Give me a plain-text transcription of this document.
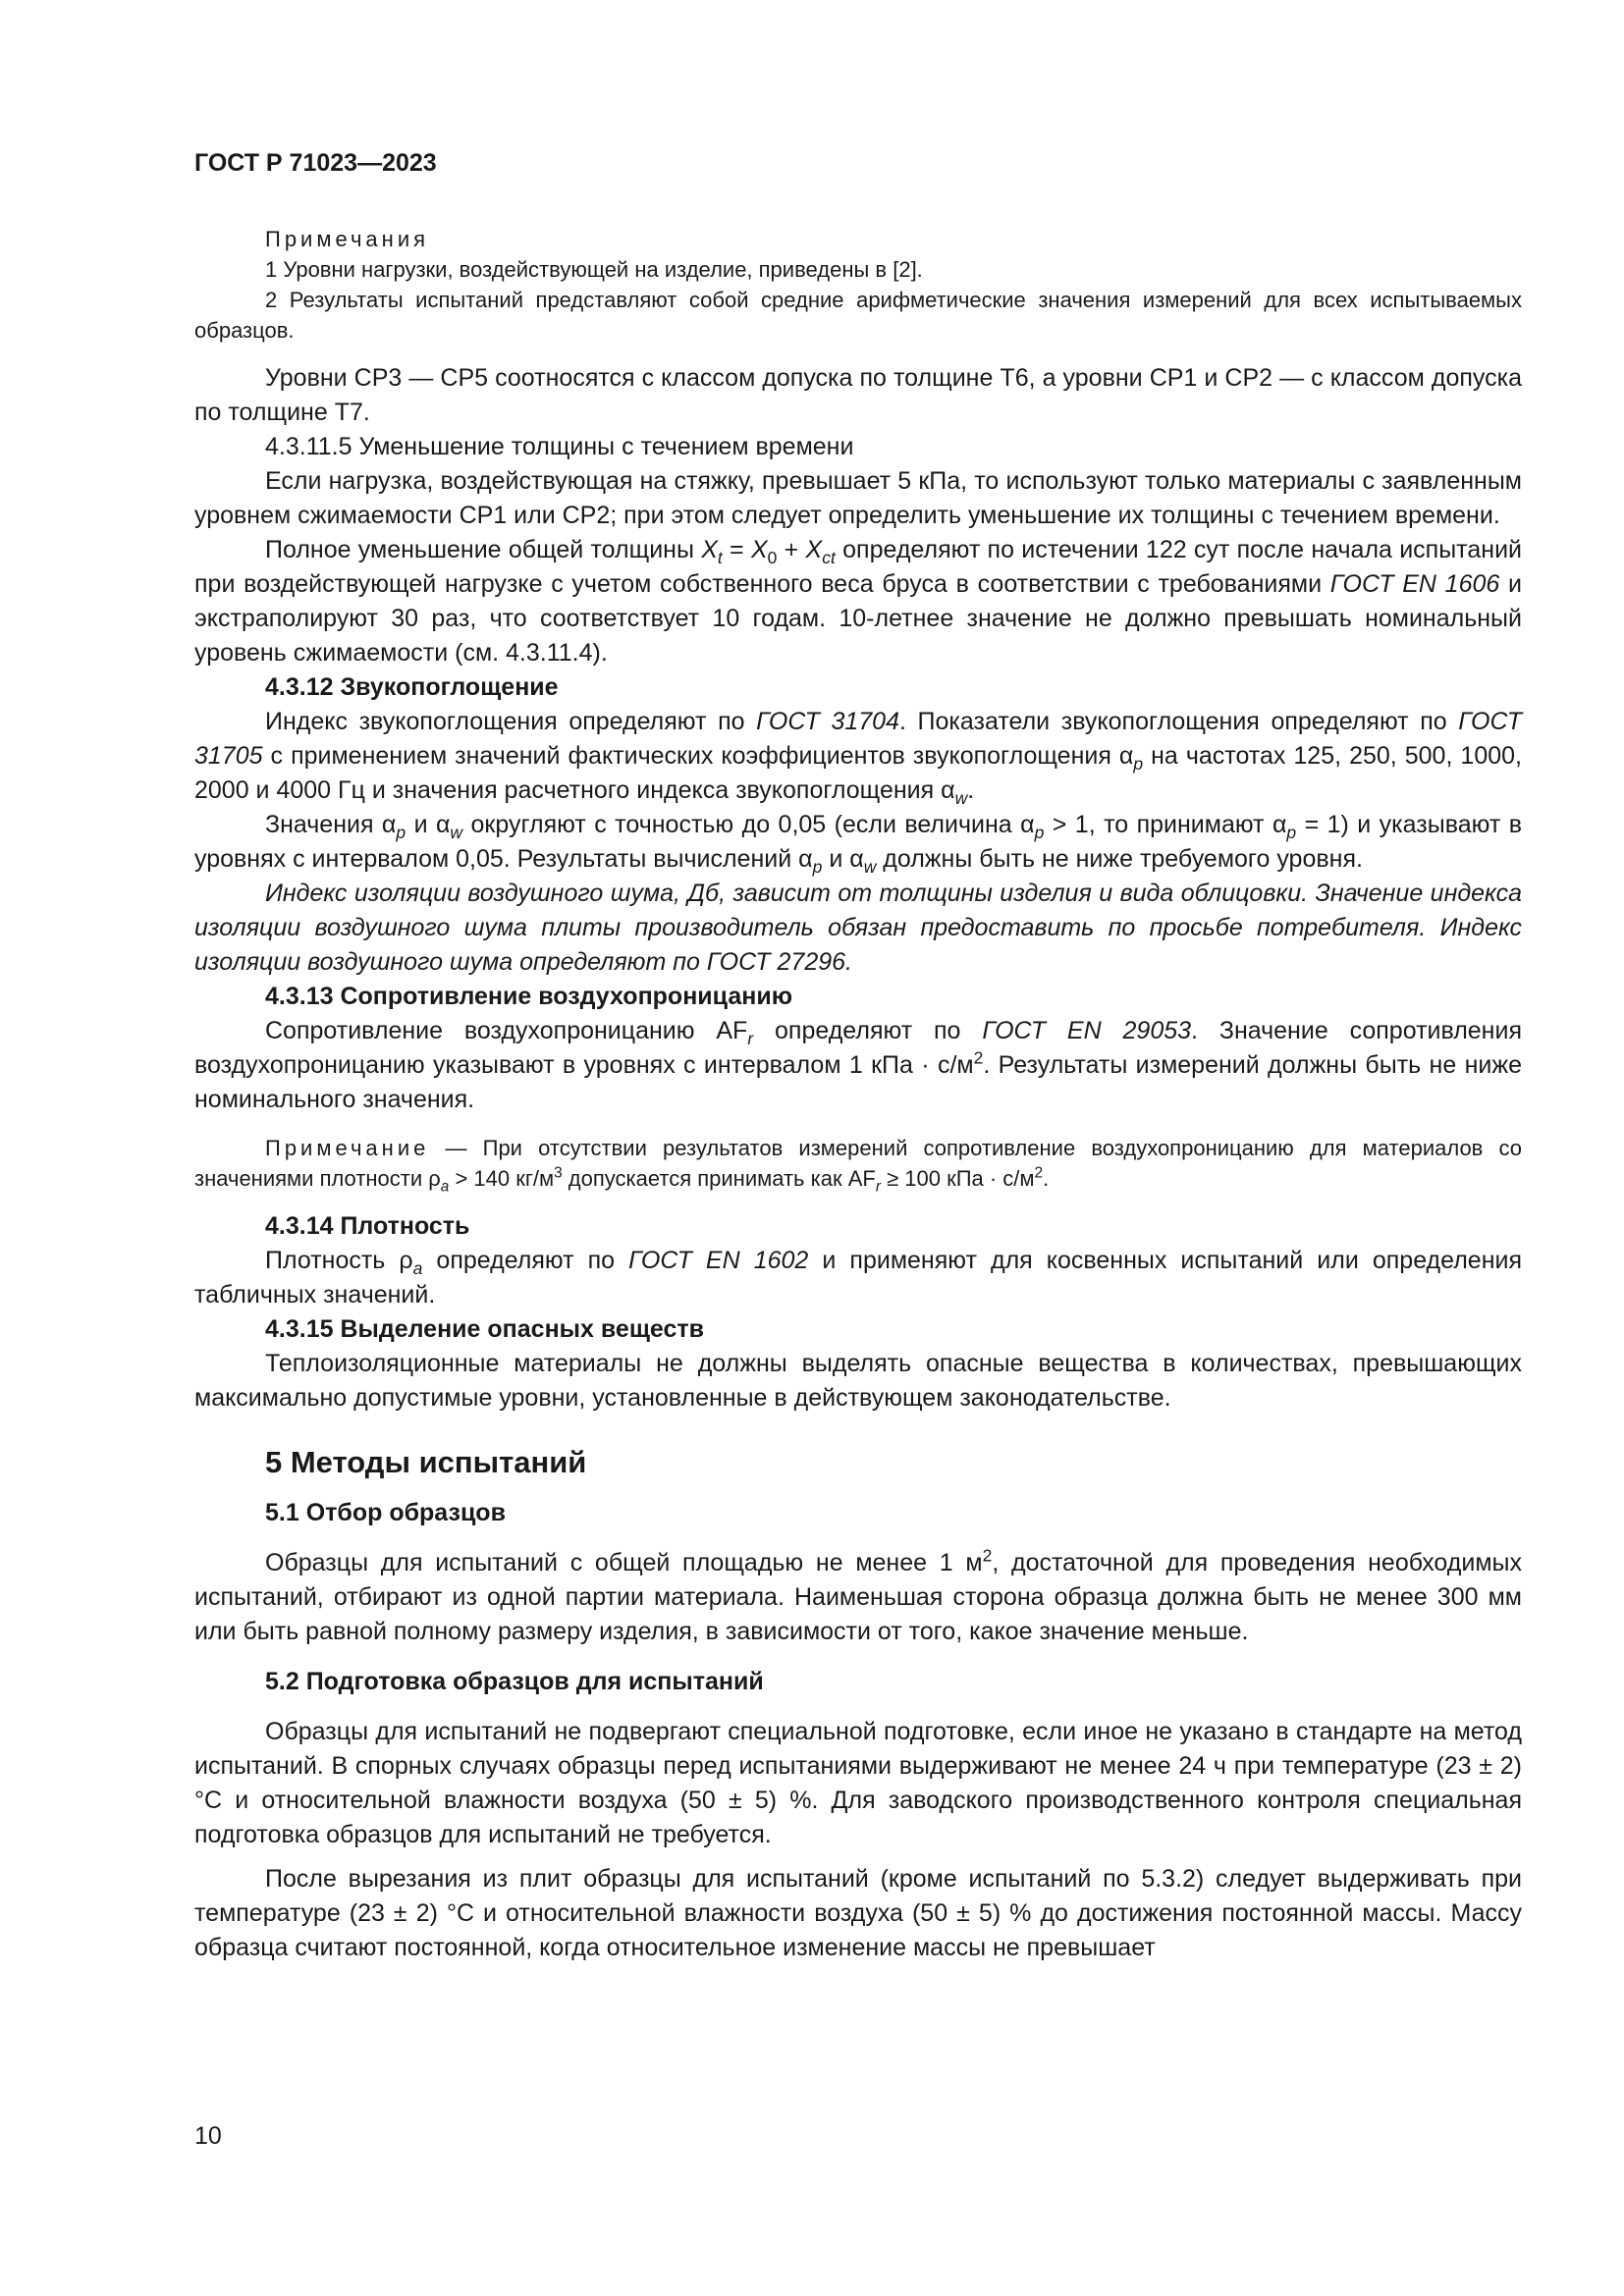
ГОСТ Р 71023—2023

Примечания

1 Уровни нагрузки, воздействующей на изделие, приведены в [2].

2 Результаты испытаний представляют собой средние арифметические значения измерений для всех испытываемых образцов.

Уровни CP3 — CP5 соотносятся с классом допуска по толщине Т6, а уровни CP1 и CP2 — с классом допуска по толщине Т7.

4.3.11.5 Уменьшение толщины с течением времени

Если нагрузка, воздействующая на стяжку, превышает 5 кПа, то используют только материалы с заявленным уровнем сжимаемости CP1 или CP2; при этом следует определить уменьшение их толщины с течением времени.

Полное уменьшение общей толщины $X_t = X_0 + X_{ct}$ определяют по истечении 122 сут после начала испытаний при воздействующей нагрузке с учетом собственного веса бруса в соответствии с требованиями ГОСТ EN 1606 и экстраполируют 30 раз, что соответствует 10 годам. 10-летнее значение не должно превышать номинальный уровень сжимаемости (см. 4.3.11.4).

4.3.12 Звукопоглощение

Индекс звукопоглощения определяют по ГОСТ 31704. Показатели звукопоглощения определяют по ГОСТ 31705 с применением значений фактических коэффициентов звукопоглощения $\alpha_p$ на частотах 125, 250, 500, 1000, 2000 и 4000 Гц и значения расчетного индекса звукопоглощения $\alpha_w$.

Значения $\alpha_p$ и $\alpha_w$ округляют с точностью до 0,05 (если величина $\alpha_p > 1$, то принимают $\alpha_p = 1$) и указывают в уровнях с интервалом 0,05. Результаты вычислений $\alpha_p$ и $\alpha_w$ должны быть не ниже требуемого уровня.

Индекс изоляции воздушного шума, Дб, зависит от толщины изделия и вида облицовки. Значение индекса изоляции воздушного шума плиты производитель обязан предоставить по просьбе потребителя. Индекс изоляции воздушного шума определяют по ГОСТ 27296.

4.3.13 Сопротивление воздухопроницанию

Сопротивление воздухопроницанию $AF_r$ определяют по ГОСТ EN 29053. Значение сопротивления воздухопроницанию указывают в уровнях с интервалом 1 кПа · $с/м^2$. Результаты измерений должны быть не ниже номинального значения.

Примечание — При отсутствии результатов измерений сопротивление воздухопроницанию для материалов со значениями плотности $\rho_a > 140$ $кг/м^3$ допускается принимать как $AF_r \ge 100$ кПа · $с/м^2$.

4.3.14 Плотность

Плотность $\rho_a$ определяют по ГОСТ EN 1602 и применяют для косвенных испытаний или определения табличных значений.

4.3.15 Выделение опасных веществ

Теплоизоляционные материалы не должны выделять опасные вещества в количествах, превышающих максимально допустимые уровни, установленные в действующем законодательстве.

5 Методы испытаний

5.1 Отбор образцов

Образцы для испытаний с общей площадью не менее 1 $м^2$, достаточной для проведения необходимых испытаний, отбирают из одной партии материала. Наименьшая сторона образца должна быть не менее 300 мм или быть равной полному размеру изделия, в зависимости от того, какое значение меньше.

5.2 Подготовка образцов для испытаний

Образцы для испытаний не подвергают специальной подготовке, если иное не указано в стандарте на метод испытаний. В спорных случаях образцы перед испытаниями выдерживают не менее 24 ч при температуре (23 ± 2) °С и относительной влажности воздуха (50 ± 5) %. Для заводского производственного контроля специальная подготовка образцов для испытаний не требуется.

После вырезания из плит образцы для испытаний (кроме испытаний по 5.3.2) следует выдерживать при температуре (23 ± 2) °С и относительной влажности воздуха (50 ± 5) % до достижения постоянной массы. Массу образца считают постоянной, когда относительное изменение массы не превышает

10
